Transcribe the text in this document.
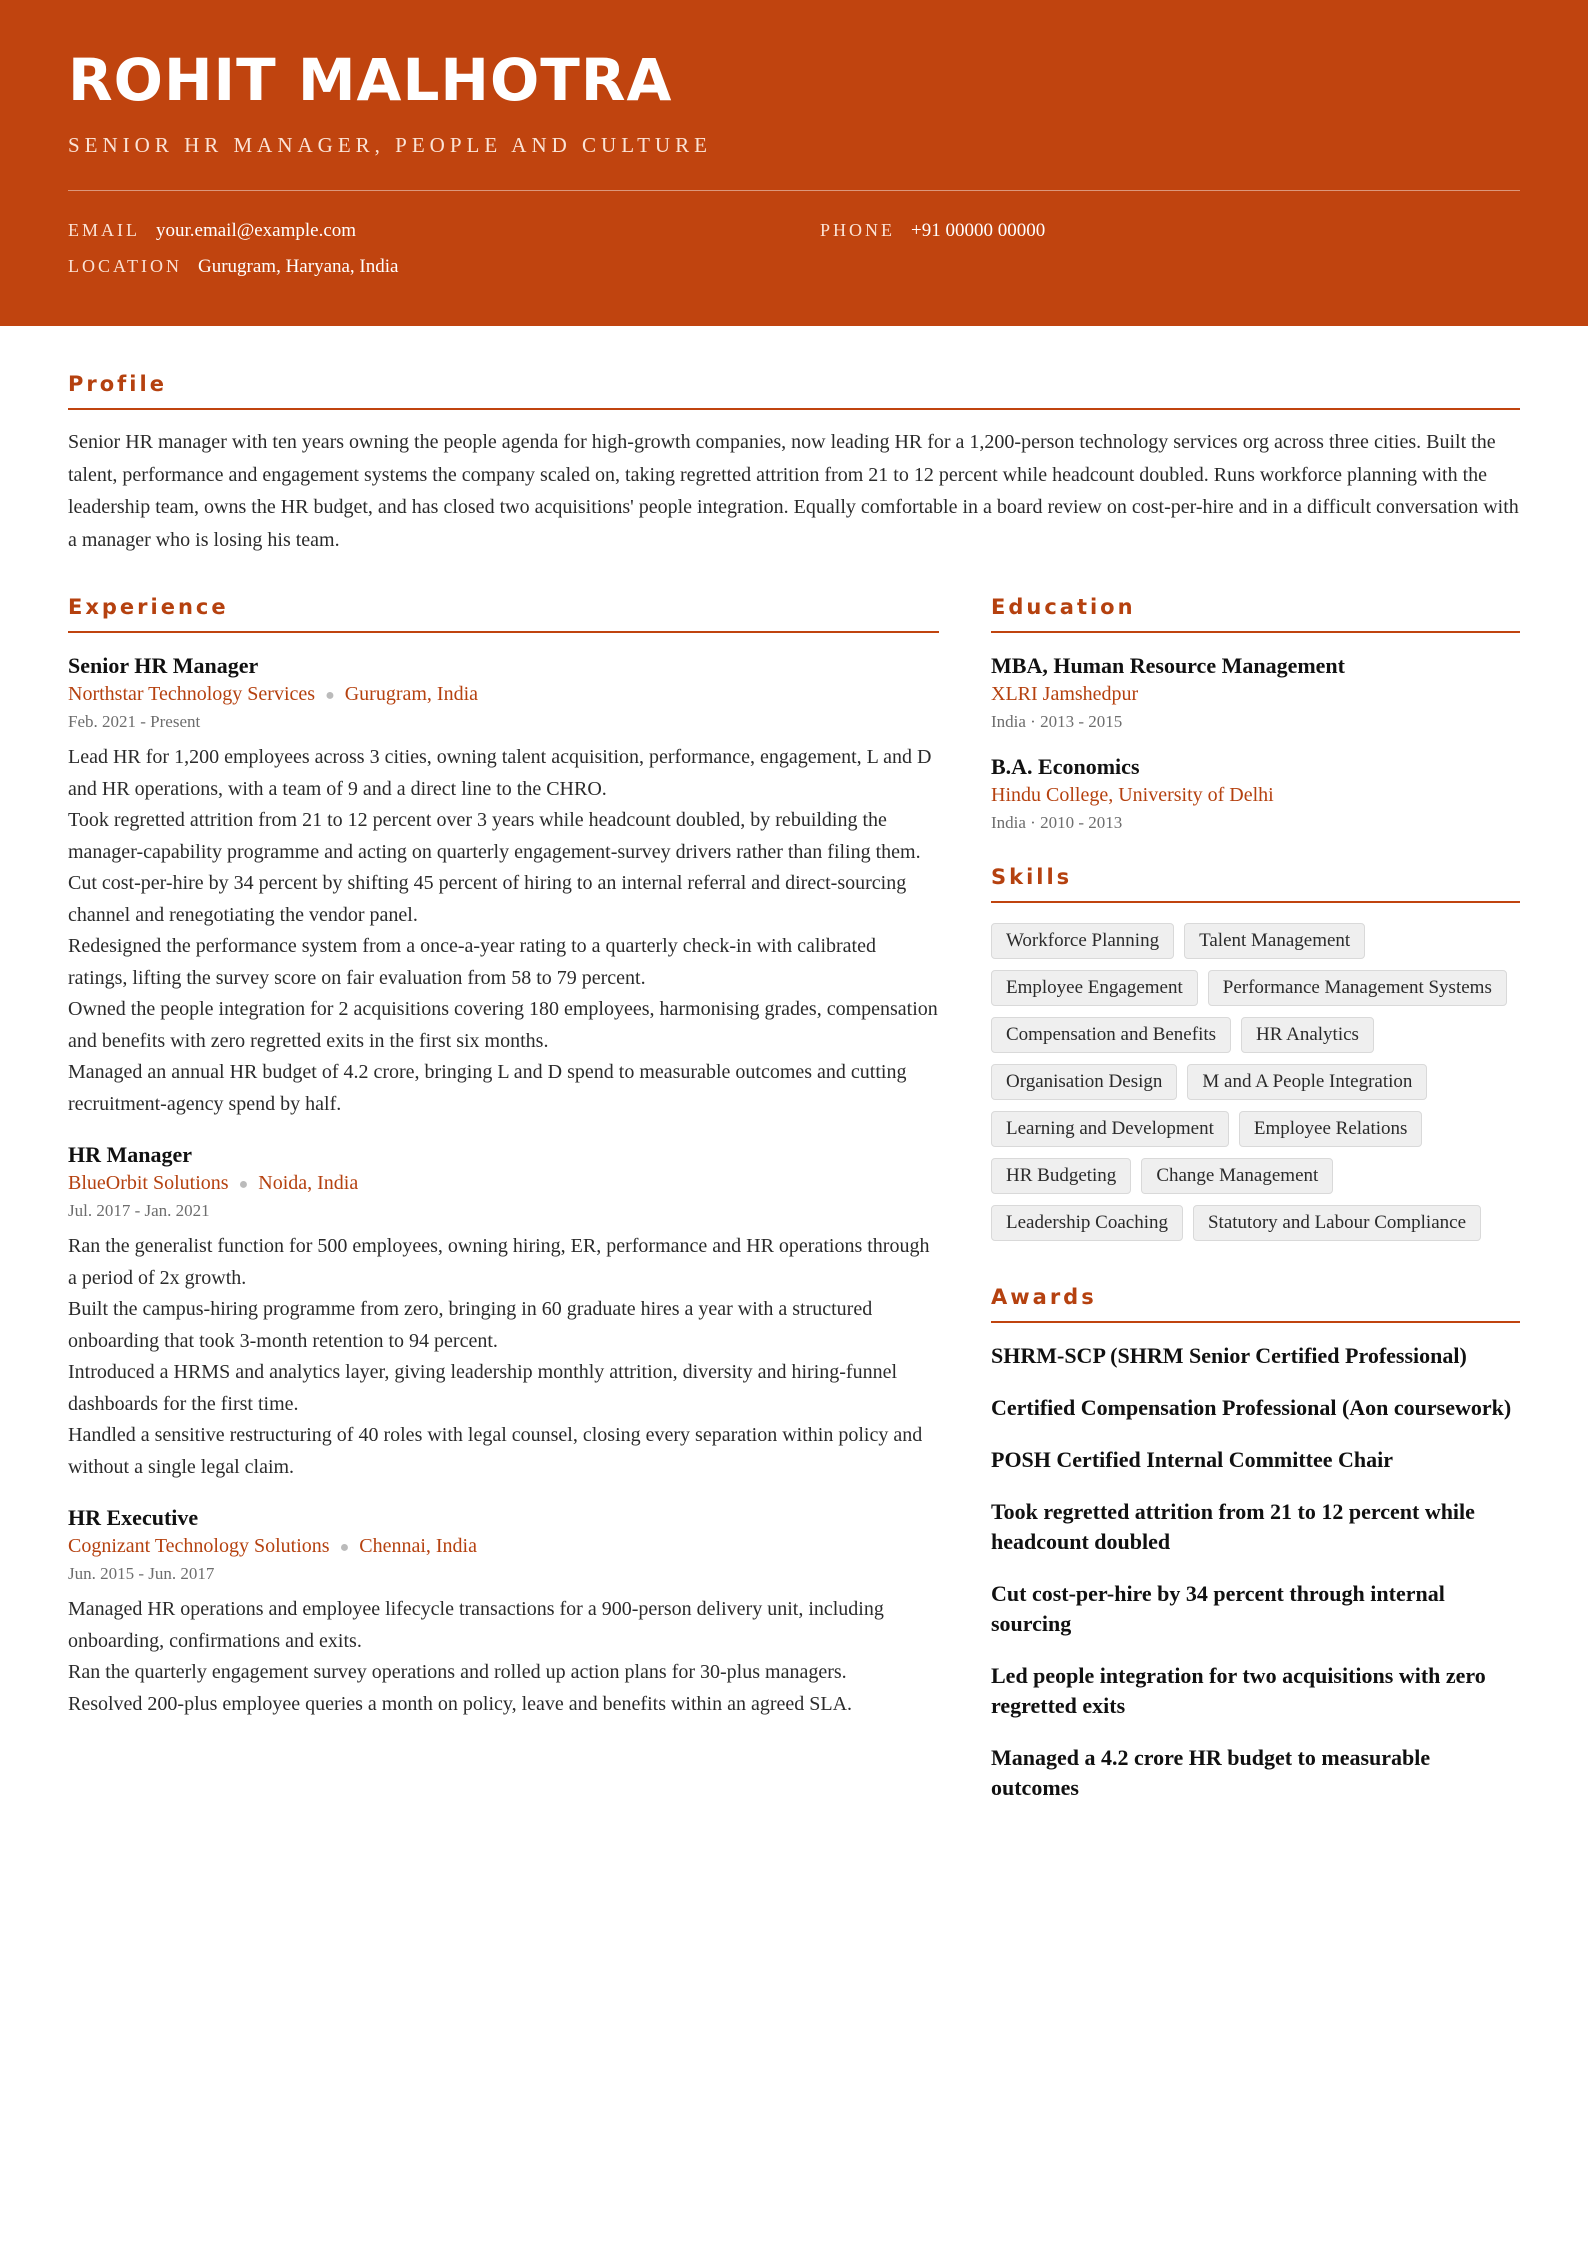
ROHIT MALHOTRA
SENIOR HR MANAGER, PEOPLE AND CULTURE
EMAIL your.email@example.com	PHONE +91 00000 00000
LOCATION Gurugram, Haryana, India
Profile

Senior HR manager with ten years owning the people agenda for high-growth companies, now leading HR for a 1,200-person technology services org across three cities. Built the talent, performance and engagement systems the company scaled on, taking regretted attrition from 21 to 12 percent while headcount doubled. Runs workforce planning with the leadership team, owns the HR budget, and has closed two acquisitions' people integration. Equally comfortable in a board review on cost-per-hire and in a difficult conversation with a manager who is losing his team.

Experience
Senior HR Manager
Northstar Technology Services ● Gurugram, India
Feb. 2021 - Present
Lead HR for 1,200 employees across 3 cities, owning talent acquisition, performance, engagement, L and D and HR operations, with a team of 9 and a direct line to the CHRO.
Took regretted attrition from 21 to 12 percent over 3 years while headcount doubled, by rebuilding the manager-capability programme and acting on quarterly engagement-survey drivers rather than filing them.
Cut cost-per-hire by 34 percent by shifting 45 percent of hiring to an internal referral and direct-sourcing channel and renegotiating the vendor panel.
Redesigned the performance system from a once-a-year rating to a quarterly check-in with calibrated ratings, lifting the survey score on fair evaluation from 58 to 79 percent.
Owned the people integration for 2 acquisitions covering 180 employees, harmonising grades, compensation and benefits with zero regretted exits in the first six months.
Managed an annual HR budget of 4.2 crore, bringing L and D spend to measurable outcomes and cutting recruitment-agency spend by half.
HR Manager
BlueOrbit Solutions ● Noida, India
Jul. 2017 - Jan. 2021
Ran the generalist function for 500 employees, owning hiring, ER, performance and HR operations through a period of 2x growth.
Built the campus-hiring programme from zero, bringing in 60 graduate hires a year with a structured onboarding that took 3-month retention to 94 percent.
Introduced a HRMS and analytics layer, giving leadership monthly attrition, diversity and hiring-funnel dashboards for the first time.
Handled a sensitive restructuring of 40 roles with legal counsel, closing every separation within policy and without a single legal claim.
HR Executive
Cognizant Technology Solutions ● Chennai, India
Jun. 2015 - Jun. 2017
Managed HR operations and employee lifecycle transactions for a 900-person delivery unit, including onboarding, confirmations and exits.
Ran the quarterly engagement survey operations and rolled up action plans for 30-plus managers.
Resolved 200-plus employee queries a month on policy, leave and benefits within an agreed SLA.
Education
MBA, Human Resource Management
XLRI Jamshedpur
India · 2013 - 2015
B.A. Economics
Hindu College, University of Delhi
India · 2010 - 2013
Skills
Workforce Planning	Talent Management
Employee Engagement	Performance Management Systems
Compensation and Benefits	HR Analytics
Organisation Design	M and A People Integration
Learning and Development	Employee Relations
HR Budgeting	Change Management
Leadership Coaching	Statutory and Labour Compliance
Awards
SHRM-SCP (SHRM Senior Certified Professional)
Certified Compensation Professional (Aon coursework)
POSH Certified Internal Committee Chair
Took regretted attrition from 21 to 12 percent while headcount doubled
Cut cost-per-hire by 34 percent through internal sourcing
Led people integration for two acquisitions with zero regretted exits
Managed a 4.2 crore HR budget to measurable outcomes
